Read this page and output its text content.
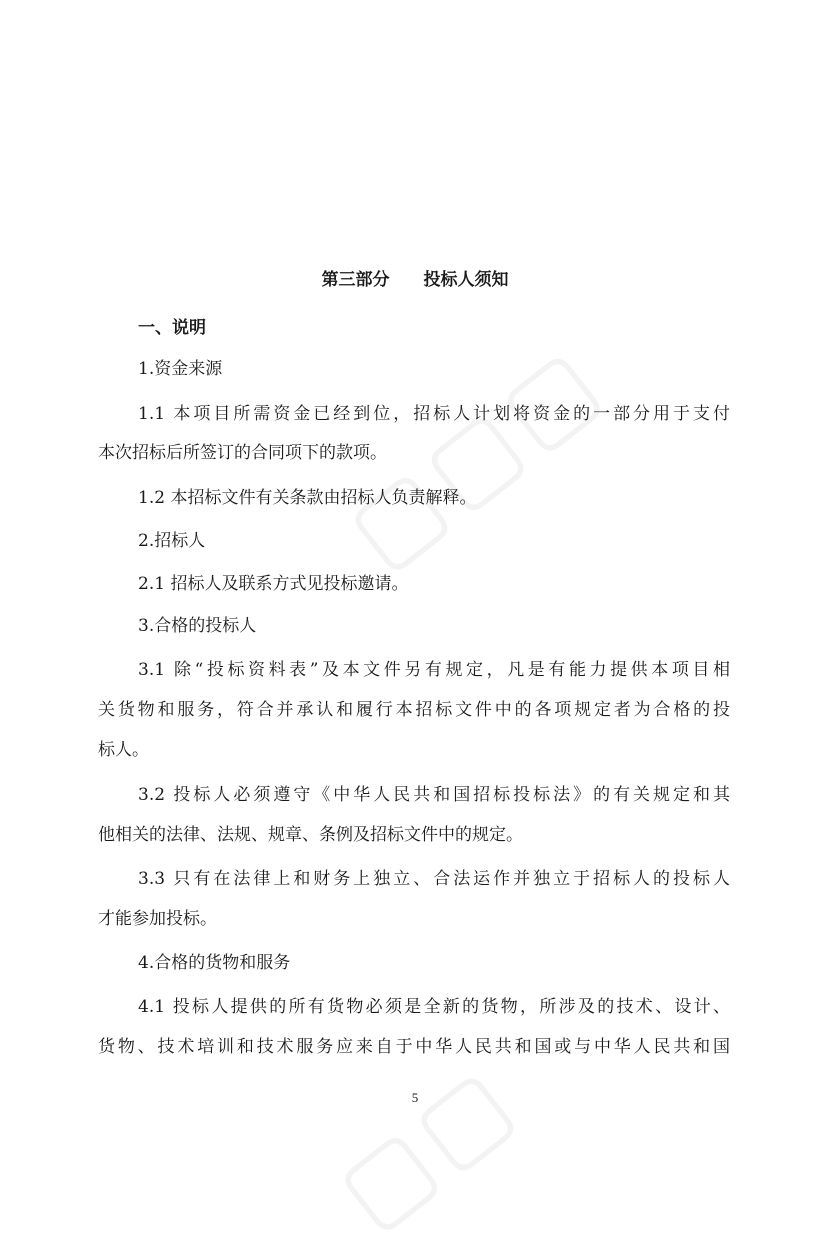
第三部分 投标人须知
一、说明
1.资金来源
1.1 本项目所需资金已经到位，招标人计划将资金的一部分用于支付
本次招标后所签订的合同项下的款项。
1.2 本招标文件有关条款由招标人负责解释。
2.招标人
2.1 招标人及联系方式见投标邀请。
3.合格的投标人
3.1 除“投标资料表”及本文件另有规定，凡是有能力提供本项目相
关货物和服务，符合并承认和履行本招标文件中的各项规定者为合格的投
标人。
3.2 投标人必须遵守《中华人民共和国招标投标法》的有关规定和其
他相关的法律、法规、规章、条例及招标文件中的规定。
3.3 只有在法律上和财务上独立、合法运作并独立于招标人的投标人
才能参加投标。
4.合格的货物和服务
4.1 投标人提供的所有货物必须是全新的货物，所涉及的技术、设计、
货物、技术培训和技术服务应来自于中华人民共和国或与中华人民共和国
5
